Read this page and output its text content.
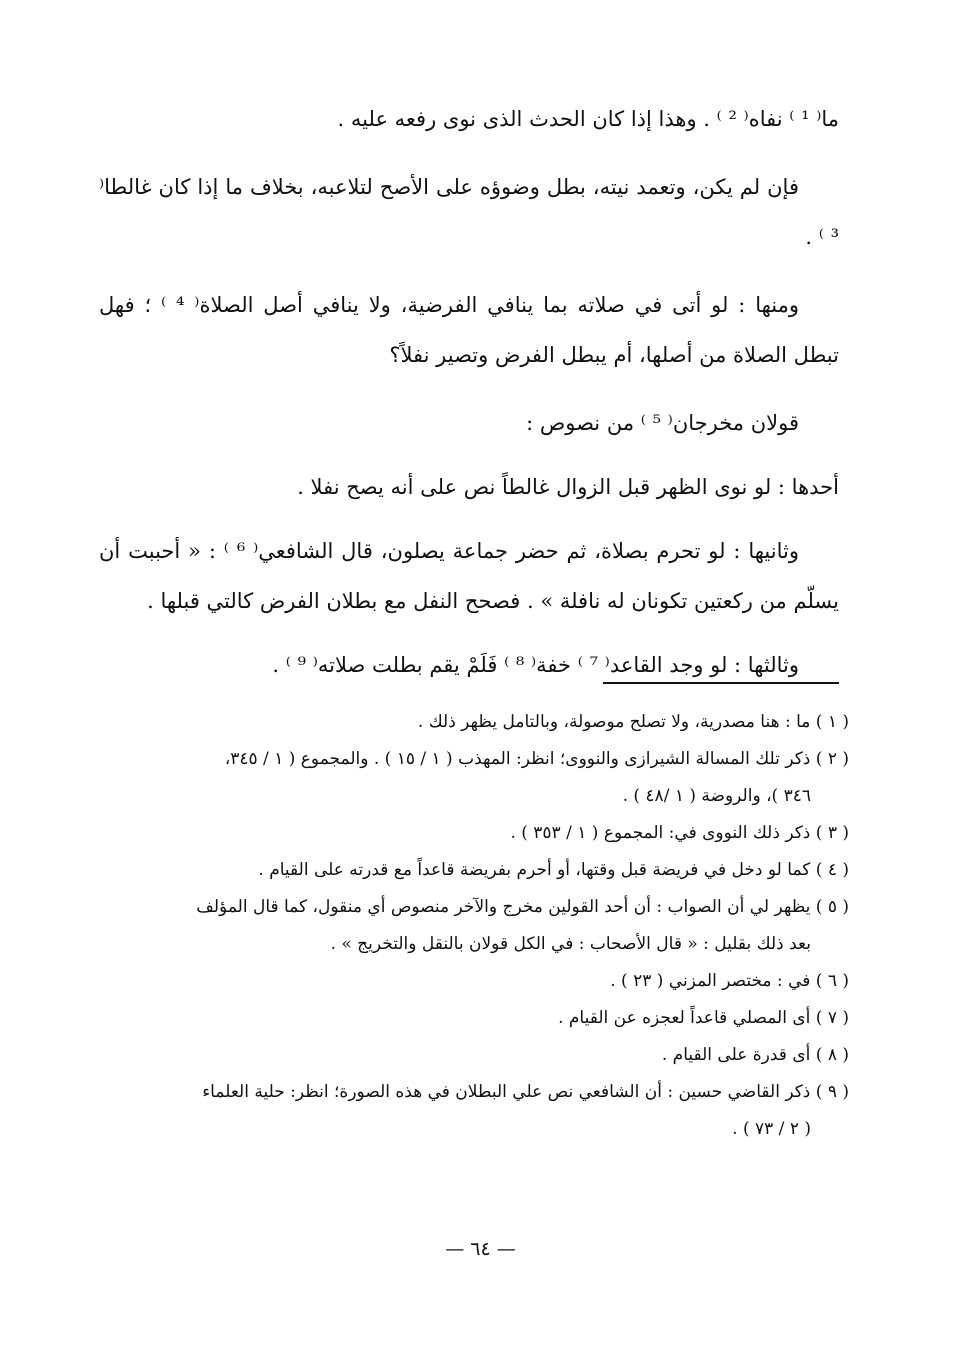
ما⁽ ¹ ⁾ نفاه⁽ ² ⁾ . وهذا إذا كان الحدث الذى نوى رفعه عليه .

فإن لم يكن، وتعمد نيته، بطل وضوؤه على الأصح لتلاعبه، بخلاف ما إذا كان غالطا⁽ ³ ⁾ .

ومنها : لو أتى في صلاته بما ينافي الفرضية، ولا ينافي أصل الصلاة⁽ ⁴ ⁾ ؛ فهل تبطل الصلاة من أصلها، أم يبطل الفرض وتصير نفلاً؟

قولان مخرجان⁽ ⁵ ⁾ من نصوص :

أحدها : لو نوى الظهر قبل الزوال غالطاً نص على أنه يصح نفلا .

وثانيها : لو تحرم بصلاة، ثم حضر جماعة يصلون، قال الشافعي⁽ ⁶ ⁾ : « أحببت أن يسلّم من ركعتين تكونان له نافلة » . فصحح النفل مع بطلان الفرض كالتي قبلها .

وثالثها : لو وجد القاعد⁽ ⁷ ⁾ خفة⁽ ⁸ ⁾ فَلَمْ يقم بطلت صلاته⁽ ⁹ ⁾ .

( ١ ) ما : هنا مصدرية، ولا تصلح موصولة، وبالتامل يظهر ذلك .

( ٢ ) ذكر تلك المسالة الشيرازى والنووى؛ انظر: المهذب ( ١ / ١٥ ) . والمجموع ( ١ / ٣٤٥،
٣٤٦ )، والروضة ( ١ /٤٨ ) .

( ٣ ) ذكر ذلك النووى في: المجموع ( ١ / ٣٥٣ ) .

( ٤ ) كما لو دخل في فريضة قبل وقتها، أو أحرم بفريضة قاعداً مع قدرته على القيام .

( ٥ ) يظهر لي أن الصواب : أن أحد القولين مخرج والآخر منصوص أي منقول، كما قال المؤلف
بعد ذلك بقليل : « قال الأصحاب : في الكل قولان بالنقل والتخريج » .

( ٦ ) في : مختصر المزني ( ٢٣ ) .

( ٧ ) أى المصلي قاعداً لعجزه عن القيام .

( ٨ ) أى قدرة على القيام .

( ٩ ) ذكر القاضي حسين : أن الشافعي نص علي البطلان في هذه الصورة؛ انظر: حلية العلماء
( ٢ / ٧٣ ) .

— ٦٤ —
